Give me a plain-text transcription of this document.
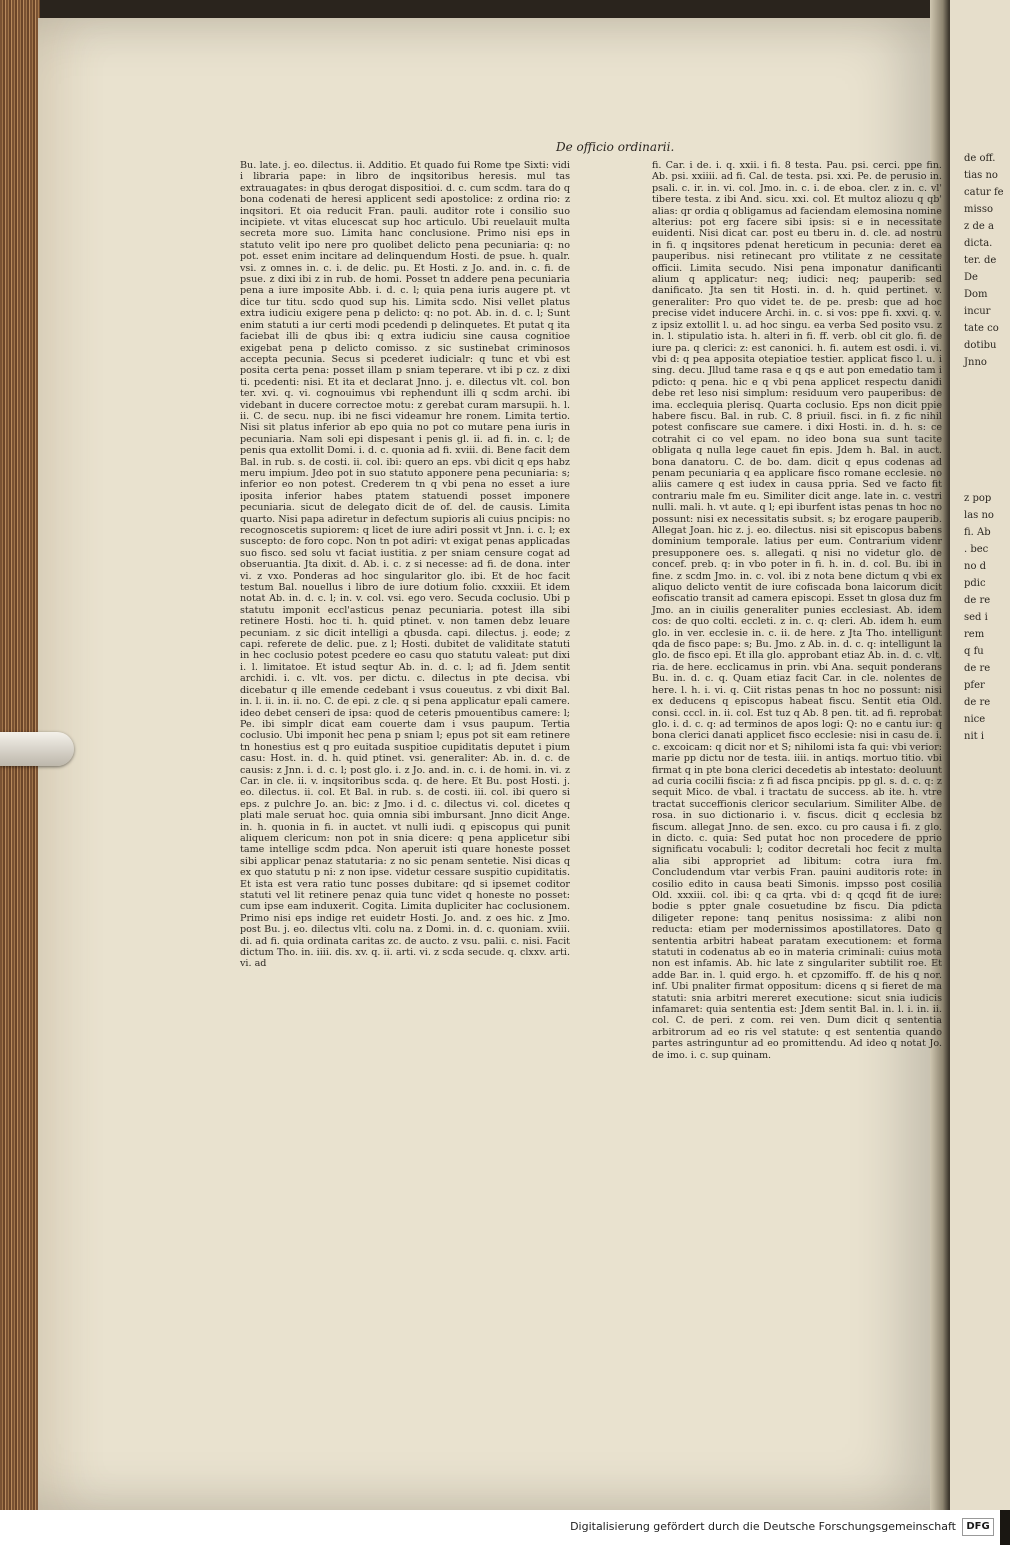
de off.
tias no
catur fe
misso
z de a
dicta.
ter. de
De
Dom
incur
tate co
dotibu
Jnno

z pop
las no
fi. Ab
. bec
no d
pdic
de re
sed i
rem
q fu
de re
pfer
de re
nice
nit i
De officio ordinarii.

Bu. late. j. eo. dilectus. ii. Additio. Et quado fui Rome tpe Sixti: vidi i libraria pape: in libro de inqsitoribus heresis. mul tas extrauagates: in qbus derogat dispositioi. d. c. cum scdm. tara do q bona codenati de heresi applicent sedi apostolice: z ordina rio: z inqsitori. Et oia reducit Fran. pauli. auditor rote i consilio suo incipiete. vt vitas elucescat sup hoc articulo. Ubi reuelauit multa secreta more suo. Limita hanc conclusione. Primo nisi eps in statuto velit ipo nere pro quolibet delicto pena pecuniaria: q: no pot. esset enim incitare ad delinquendum Hosti. de psue. h. qualr. vsi. z omnes in. c. i. de delic. pu. Et Hosti. z Jo. and. in. c. fi. de psue. z dixi ibi z in rub. de homi. Posset tn addere pena pecuniaria pena a iure imposite Abb. i. d. c. l; quia pena iuris augere pt. vt dice tur titu. scdo quod sup his. Limita scdo. Nisi vellet platus extra iudiciu exigere pena p delicto: q: no pot. Ab. in. d. c. l; Sunt enim statuti a iur certi modi pcedendi p delinquetes. Et putat q ita faciebat illi de qbus ibi: q extra iudiciu sine causa cognitioe exigebat pena p delicto comisso. z sic sustinebat criminosos accepta pecunia. Secus si pcederet iudicialr: q tunc et vbi est posita certa pena: posset illam p sniam teperare. vt ibi p cz. z dixi ti. pcedenti: nisi. Et ita et declarat Jnno. j. e. dilectus vlt. col. bon ter. xvi. q. vi. cognouimus vbi rephendunt illi q scdm archi. ibi videbant in ducere correctoe motu: z gerebat curam marsupii. h. l. ii. C. de secu. nup. ibi ne fisci videamur hre ronem. Limita tertio. Nisi sit platus inferior ab epo quia no pot co mutare pena iuris in pecuniaria. Nam soli epi dispesant i penis gl. ii. ad fi. in. c. l; de penis qua extollit Domi. i. d. c. quonia ad fi. xviii. di. Bene facit dem Bal. in rub. s. de costi. ii. col. ibi: quero an eps. vbi dicit q eps habz meru impium. Jdeo pot in suo statuto apponere pena pecuniaria: s; inferior eo non potest. Crederem tn q vbi pena no esset a iure iposita inferior habes ptatem statuendi posset imponere pecuniaria. sicut de delegato dicit de of. del. de causis. Limita quarto. Nisi papa adiretur in defectum supioris ali cuius pncipis: no recognoscetis supiorem: q licet de iure adiri possit vt Jnn. i. c. l; ex suscepto: de foro copc. Non tn pot adiri: vt exigat penas applicadas suo fisco. sed solu vt faciat iustitia. z per sniam censure cogat ad obseruantia. Jta dixit. d. Ab. i. c. z si necesse: ad fi. de dona. inter vi. z vxo. Ponderas ad hoc singularitor glo. ibi. Et de hoc facit testum Bal. nouellus i libro de iure dotium folio. cxxxiii. Et idem notat Ab. in. d. c. l; in. v. col. vsi. ego vero. Secuda coclusio. Ubi p statutu imponit eccl'asticus penaz pecuniaria. potest illa sibi retinere Hosti. hoc ti. h. quid ptinet. v. non tamen debz leuare pecuniam. z sic dicit intelligi a qbusda. capi. dilectus. j. eode; z capi. referete de delic. pue. z l; Hosti. dubitet de validitate statuti in hec coclusio potest pcedere eo casu quo statutu valeat: put dixi i. l. limitatoe. Et istud seqtur Ab. in. d. c. l; ad fi. Jdem sentit archidi. i. c. vlt. vos. per dictu. c. dilectus in pte decisa. vbi dicebatur q ille emende cedebant i vsus coueutus. z vbi dixit Bal. in. l. ii. in. ii. no. C. de epi. z cle. q si pena applicatur epali camere. ideo debet censeri de ipsa: quod de ceteris pmouentibus camere: l; Pe. ibi simplr dicat eam couerte dam i vsus paupum. Tertia coclusio. Ubi imponit hec pena p sniam l; epus pot sit eam retinere tn honestius est q pro euitada suspitioe cupiditatis deputet i pium casu: Host. in. d. h. quid ptinet. vsi. generaliter: Ab. in. d. c. de causis: z Jnn. i. d. c. l; post glo. i. z Jo. and. in. c. i. de homi. in. vi. z Car. in cle. ii. v. inqsitoribus scda. q. de here. Et Bu. post Hosti. j. eo. dilectus. ii. col. Et Bal. in rub. s. de costi. iii. col. ibi quero si eps. z pulchre Jo. an. bic: z Jmo. i d. c. dilectus vi. col. dicetes q plati male seruat hoc. quia omnia sibi imbursant. Jnno dicit Ange. in. h. quonia in fi. in auctet. vt nulli iudi. q episcopus qui punit aliquem clericum: non pot in snia dicere: q pena applicetur sibi tame intellige scdm pdca. Non aperuit isti quare honeste posset sibi applicar penaz statutaria: z no sic penam sentetie. Nisi dicas q ex quo statutu p ni: z non ipse. videtur cessare suspitio cupiditatis. Et ista est vera ratio tunc posses dubitare: qd si ipsemet coditor statuti vel lit retinere penaz quia tunc videt q honeste no posset: cum ipse eam induxerit. Cogita. Limita dupliciter hac coclusionem. Primo nisi eps indige ret euidetr Hosti. Jo. and. z oes hic. z Jmo. post Bu. j. eo. dilectus vlti. colu na. z Domi. in. d. c. quoniam. xviii. di. ad fi. quia ordinata caritas zc. de aucto. z vsu. palii. c. nisi. Facit dictum Tho. in. iiii. dis. xv. q. ii. arti. vi. z scda secude. q. clxxv. arti. vi. ad

fi. Car. i de. i. q. xxii. i fi. 8 testa. Pau. psi. cerci. ppe fin. Ab. psi. xxiiii. ad fi. Cal. de testa. psi. xxi. Pe. de perusio in. psali. c. ir. in. vi. col. Jmo. in. c. i. de eboa. cler. z in. c. vl' tibere testa. z ibi And. sicu. xxi. col. Et multoz aliozu q qb' alias: qr ordia q obligamus ad faciendam elemosina nomine alterius: pot erg facere sibi ipsis: si e in necessitate euidenti. Nisi dicat car. post eu tberu in. d. cle. ad nostru in fi. q inqsitores pdenat hereticum in pecunia: deret ea pauperibus. nisi retinecant pro vtilitate z ne cessitate officii. Limita secudo. Nisi pena imponatur danificanti alium q applicatur: neq; iudici: neq; pauperib: sed danificato. Jta sen tit Hosti. in. d. h. quid pertinet. v. generaliter: Pro quo videt te. de pe. presb: que ad hoc precise videt inducere Archi. in. c. si vos: ppe fi. xxvi. q. v. z ipsiz extollit l. u. ad hoc singu. ea verba Sed posito vsu. z in. l. stipulatio ista. h. alteri in fi. ff. verb. obl cit glo. fi. de iure pa. q clerici: z: est canonici. h. fi. autem est osdi. i. vi. vbi d: q pea apposita otepiatioe testier. applicat fisco l. u. i sing. decu. Jllud tame rasa e q qs e aut pon emedatio tam i pdicto: q pena. hic e q vbi pena applicet respectu danidi debe ret leso nisi simplum: residuum vero pauperibus: de ima. ecclequia plerisq. Quarta coclusio. Eps non dicit ppie habere fiscu. Bal. in rub. C. 8 priuil. fisci. in fi. z fic nihil potest confiscare sue camere. i dixi Hosti. in. d. h. s: ce cotrahit ci co vel epam. no ideo bona sua sunt tacite obligata q nulla lege cauet fin epis. Jdem h. Bal. in auct. bona danatoru. C. de bo. dam. dicit q epus codenas ad penam pecuniaria q ea applicare fisco romane ecclesie. no aliis camere q est iudex in causa ppria. Sed ve facto fit contrariu male fm eu. Similiter dicit ange. late in. c. vestri nulli. mali. h. vt aute. q l; epi iburfent istas penas tn hoc no possunt: nisi ex necessitatis subsit. s; bz erogare pauperib. Allegat Joan. hic z. j. eo. dilectus. nisi sit episcopus babens dominium temporale. latius per eum. Contrarium videnr presupponere oes. s. allegati. q nisi no videtur glo. de concef. preb. q: in vbo poter in fi. h. in. d. col. Bu. ibi in fine. z scdm Jmo. in. c. vol. ibi z nota bene dictum q vbi ex aliquo delicto ventit de iure cofiscada bona laicorum dicit eofiscatio transit ad camera episcopi. Esset tn glosa duz fm Jmo. an in ciuilis generaliter punies ecclesiast. Ab. idem cos: de quo colti. eccleti. z in. c. q: cleri. Ab. idem h. eum glo. in ver. ecclesie in. c. ii. de here. z Jta Tho. intelligunt qda de fisco pape: s; Bu. Jmo. z Ab. in. d. c. q: intelligunt la glo. de fisco epi. Et illa glo. approbant etiaz Ab. in. d. c. vlt. ria. de here. ecclicamus in prin. vbi Ana. sequit ponderans Bu. in. d. c. q. Quam etiaz facit Car. in cle. nolentes de here. l. h. i. vi. q. Ciit ristas penas tn hoc no possunt: nisi ex deducens q episcopus habeat fiscu. Sentit etia Old. consi. cccl. in. ii. col. Est tuz q Ab. 8 pen. tit. ad fi. reprobat glo. i. d. c. q: ad terminos de apos logi: Q: no e cantu iur: q bona clerici danati applicet fisco ecclesie: nisi in casu de. i. c. excoicam: q dicit nor et S; nihilomi ista fa qui: vbi verior: marie pp dictu nor de testa. iiii. in antiqs. mortuo titio. vbi firmat q in pte bona clerici decedetis ab intestato: deoluunt ad curia cocilii fiscia: z fi ad fisca pncipis. pp gl. s. d. c. q: z sequit Mico. de vbal. i tractatu de success. ab ite. h. vtre tractat succeffionis clericor secularium. Similiter Albe. de rosa. in suo dictionario i. v. fiscus. dicit q ecclesia bz fiscum. allegat Jnno. de sen. exco. cu pro causa i fi. z glo. in dicto. c. quia: Sed putat hoc non procedere de pprio significatu vocabuli: l; coditor decretali hoc fecit z multa alia sibi appropriet ad libitum: cotra iura fm. Concludendum vtar verbis Fran. pauini auditoris rote: in cosilio edito in causa beati Simonis. impsso post cosilia Old. xxxiii. col. ibi: q ca qrta. vbi d: q qcqd fit de iure: bodie s ppter gnale cosuetudine bz fiscu. Dia pdicta diligeter repone: tanq penitus nosissima: z alibi non reducta: etiam per modernissimos apostillatores. Dato q sententia arbitri habeat paratam executionem: et forma statuti in codenatus ab eo in materia criminali: cuius mota non est infamis. Ab. hic late z singulariter subtilit roe. Et adde Bar. in. l. quid ergo. h. et cpzomiffo. ff. de his q nor. inf. Ubi pnaliter firmat oppositum: dicens q si fieret de ma statuti: snia arbitri mereret executione: sicut snia iudicis infamaret: quia sententia est: Jdem sentit Bal. in. l. i. in. ii. col. C. de peri. z com. rei ven. Dum dicit q sententia arbitrorum ad eo ris vel statute: q est sententia quando partes astringuntur ad eo promittendu. Ad ideo q notat Jo. de imo. i. c. sup quinam.

Digitalisierung gefördert durch die Deutsche Forschungsgemeinschaft	DFG
